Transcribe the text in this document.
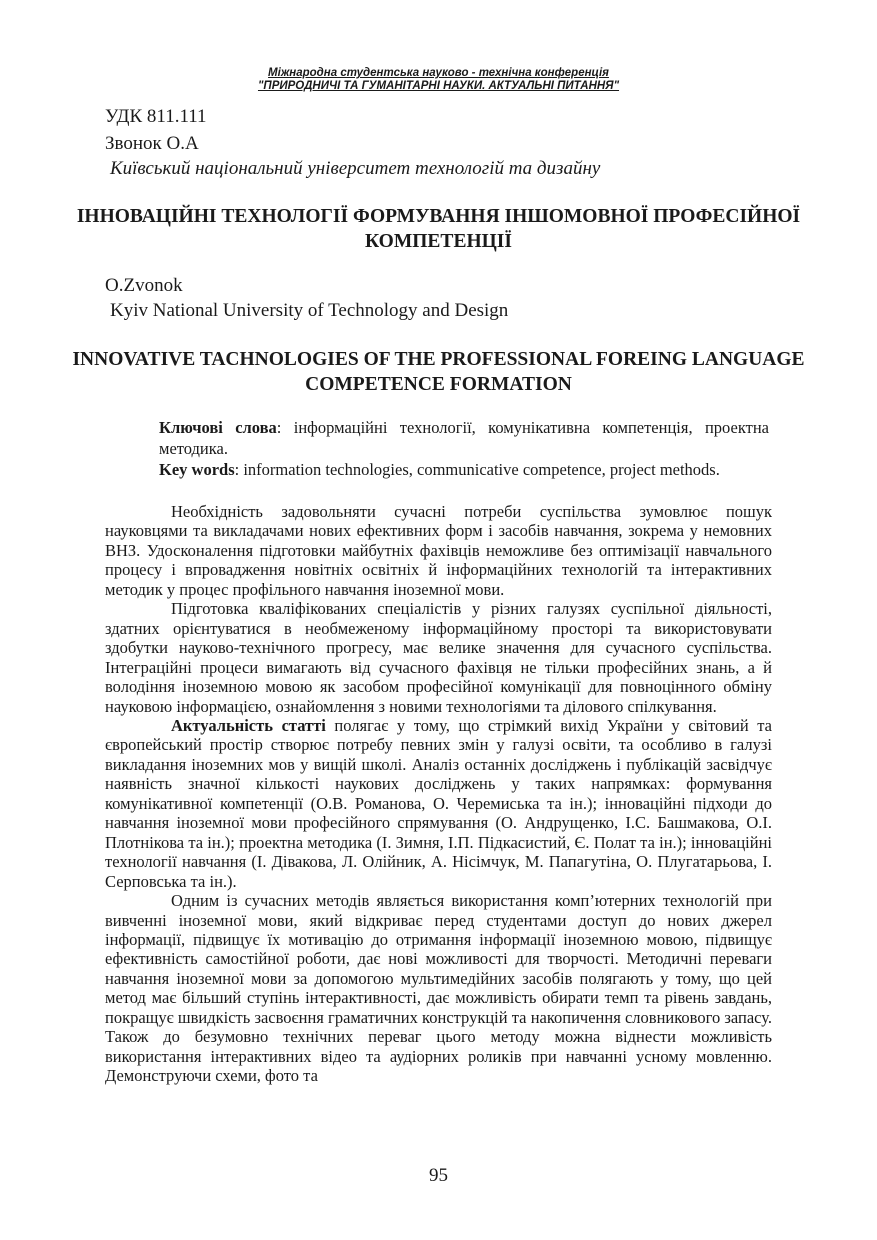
Міжнародна студентська науково - технічна конференція
"ПРИРОДНИЧІ ТА ГУМАНІТАРНІ НАУКИ. АКТУАЛЬНІ ПИТАННЯ"
УДК 811.111
Звонок О.А
Київський національний університет технологій та дизайну
ІННОВАЦІЙНІ ТЕХНОЛОГІЇ ФОРМУВАННЯ ІНШОМОВНОЇ ПРОФЕСІЙНОЇ КОМПЕТЕНЦІЇ
O.Zvonok
Kyiv National University of Technology and Design
INNOVATIVE TACHNOLOGIES OF THE PROFESSIONAL FOREING LANGUAGE COMPETENCE FORMATION
Ключові слова: інформаційні технології, комунікативна компетенція, проектна методика.
Key words: information technologies, communicative competence, project methods.

Необхідність задовольняти сучасні потреби суспільства зумовлює пошук науковцями та викладачами нових ефективних форм і засобів навчання, зокрема у немовних ВНЗ. Удосконалення підготовки майбутніх фахівців неможливе без оптимізації навчального процесу і впровадження новітніх освітніх й інформаційних технологій та інтерактивних методик у процес профільного навчання іноземної мови.

Підготовка кваліфікованих спеціалістів у різних галузях суспільної діяльності, здатних орієнтуватися в необмеженому інформаційному просторі та використовувати здобутки науково-технічного прогресу, має велике значення для сучасного суспільства. Інтеграційні процеси вимагають від сучасного фахівця не тільки професійних знань, а й володіння іноземною мовою як засобом професійної комунікації для повноцінного обміну науковою інформацією, ознайомлення з новими технологіями та ділового спілкування.

Актуальність статті полягає у тому, що стрімкий вихід України у світовий та європейський простір створює потребу певних змін у галузі освіти, та особливо в галузі викладання іноземних мов у вищій школі. Аналіз останніх досліджень і публікацій засвідчує наявність значної кількості наукових досліджень у таких напрямках: формування комунікативної компетенції (О.В. Романова, О. Черемиська та ін.); інноваційні підходи до навчання іноземної мови професійного спрямування (О. Андрущенко, І.С. Башмакова, О.І. Плотнікова та ін.); проектна методика (І. Зимня, І.П. Підкасистий, Є. Полат та ін.); інноваційні технології навчання (І. Дівакова, Л. Олійник, А. Нісімчук, М. Папагутіна, О. Плугатарьова, І. Серповська та ін.).

Одним із сучасних методів являється використання комп’ютерних технологій при вивченні іноземної мови, який відкриває перед студентами доступ до нових джерел інформації, підвищує їх мотивацію до отримання інформації іноземною мовою, підвищує ефективність самостійної роботи, дає нові можливості для творчості. Методичні переваги навчання іноземної мови за допомогою мультимедійних засобів полягають у тому, що цей метод має більший ступінь інтерактивності, дає можливість обирати темп та рівень завдань, покращує швидкість засвоєння граматичних конструкцій та накопичення словникового запасу. Також до безумовно технічних переваг цього методу можна віднести можливість використання інтерактивних відео та аудіорних роликів при навчанні усному мовленню. Демонструючи схеми, фото та

95
